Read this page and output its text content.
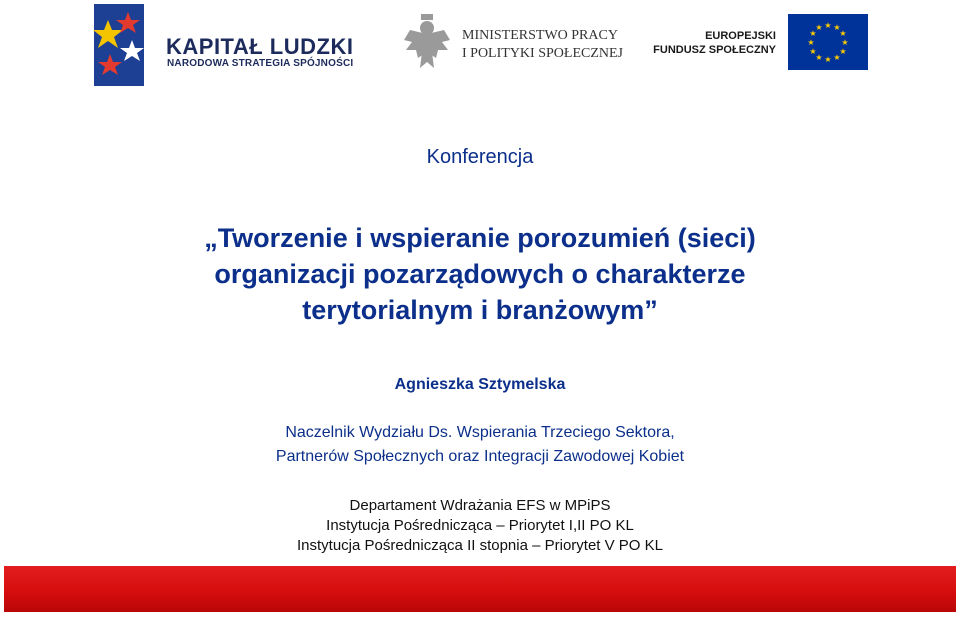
KAPITAŁ LUDZKI
NARODOWA STRATEGIA SPÓJNOŚCI
MINISTERSTWO PRACY
I POLITYKI SPOŁECZNEJ
EUROPEJSKI
FUNDUSZ SPOŁECZNY
★ ★
★
★
★
★
★
★
★
★
★
★
Konferencja
„Tworzenie i wspieranie porozumień (sieci)
organizacji pozarządowych o charakterze
terytorialnym i branżowym”
Agnieszka Sztymelska
Naczelnik Wydziału Ds. Wspierania Trzeciego Sektora,
Partnerów Społecznych oraz Integracji Zawodowej Kobiet
Departament Wdrażania EFS w MPiPS
Instytucja Pośrednicząca – Priorytet I,II PO KL
Instytucja Pośrednicząca II stopnia – Priorytet V PO KL
